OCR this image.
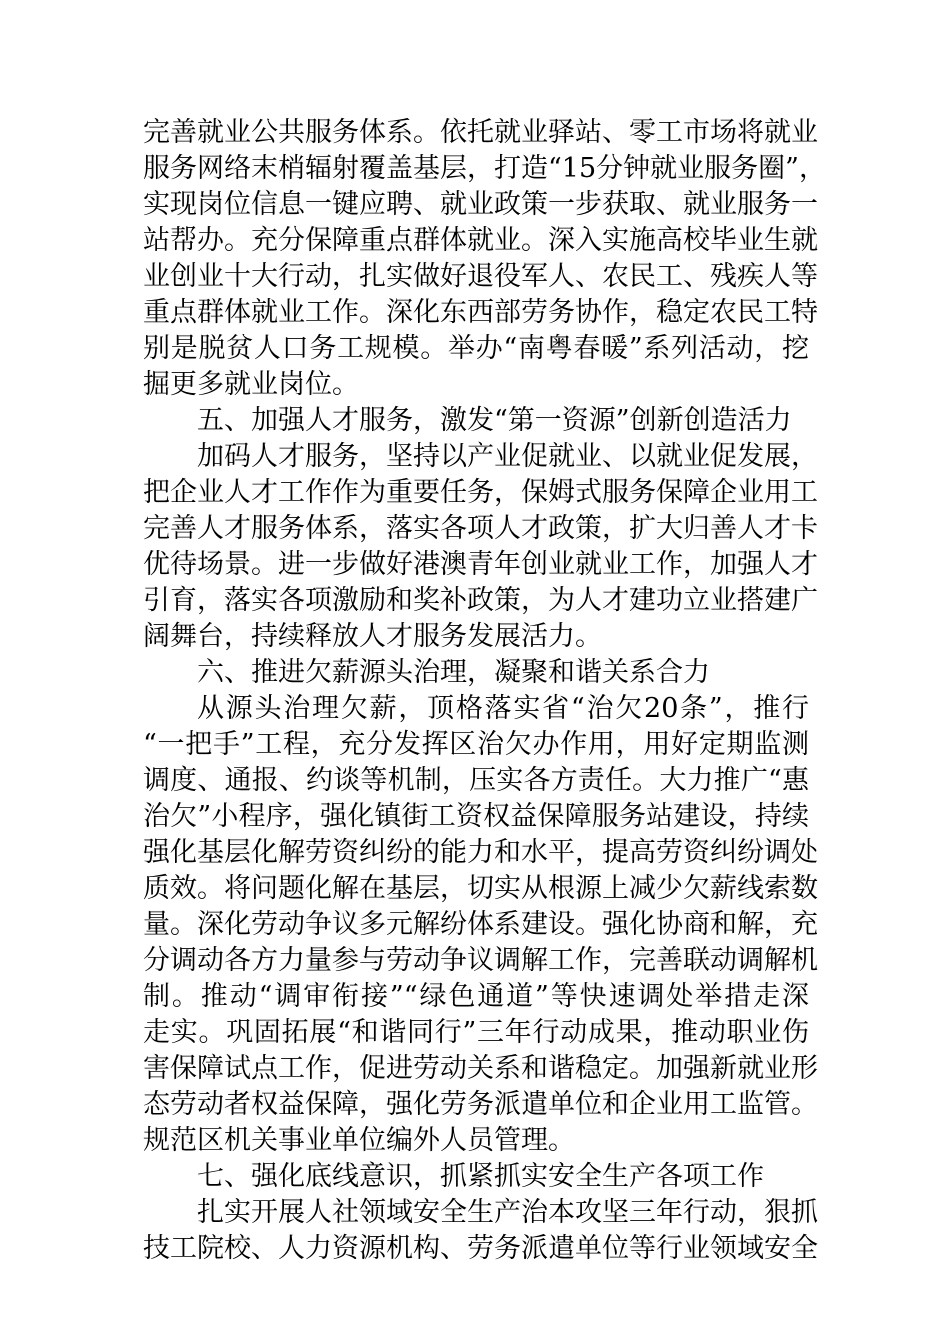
完善就业公共服务体系。依托就业驿站、零工市场将就业
服务网络末梢辐射覆盖基层，打造“15分钟就业服务圈”，
实现岗位信息一键应聘、就业政策一步获取、就业服务一
站帮办。充分保障重点群体就业。深入实施高校毕业生就
业创业十大行动，扎实做好退役军人、农民工、残疾人等
重点群体就业工作。深化东西部劳务协作，稳定农民工特
别是脱贫人口务工规模。举办“南粤春暖”系列活动，挖
掘更多就业岗位。
五、加强人才服务，激发“第一资源”创新创造活力
加码人才服务，坚持以产业促就业、以就业促发展，
把企业人才工作作为重要任务，保姆式服务保障企业用工
完善人才服务体系，落实各项人才政策，扩大归善人才卡
优待场景。进一步做好港澳青年创业就业工作，加强人才
引育，落实各项激励和奖补政策，为人才建功立业搭建广
阔舞台，持续释放人才服务发展活力。
六、推进欠薪源头治理，凝聚和谐关系合力
从源头治理欠薪，顶格落实省“治欠20条”，推行
“一把手”工程，充分发挥区治欠办作用，用好定期监测
调度、通报、约谈等机制，压实各方责任。大力推广“惠
治欠”小程序，强化镇街工资权益保障服务站建设，持续
强化基层化解劳资纠纷的能力和水平，提高劳资纠纷调处
质效。将问题化解在基层，切实从根源上减少欠薪线索数
量。深化劳动争议多元解纷体系建设。强化协商和解，充
分调动各方力量参与劳动争议调解工作，完善联动调解机
制。推动“调审衔接”“绿色通道”等快速调处举措走深
走实。巩固拓展“和谐同行”三年行动成果，推动职业伤
害保障试点工作，促进劳动关系和谐稳定。加强新就业形
态劳动者权益保障，强化劳务派遣单位和企业用工监管。
规范区机关事业单位编外人员管理。
七、强化底线意识，抓紧抓实安全生产各项工作
扎实开展人社领域安全生产治本攻坚三年行动，狠抓
技工院校、人力资源机构、劳务派遣单位等行业领域安全
